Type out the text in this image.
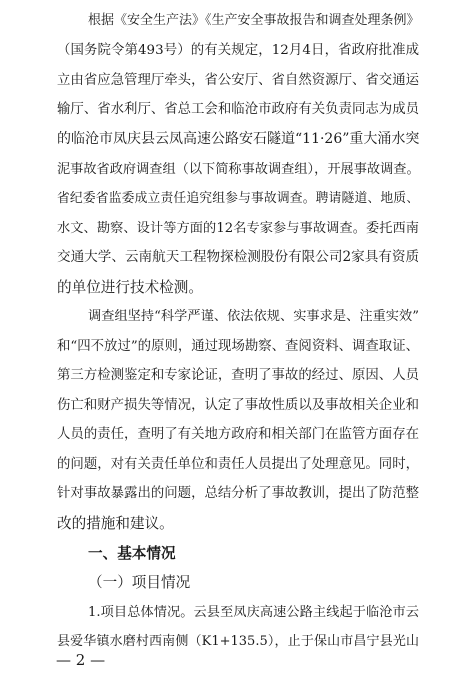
根据《安全生产法》《生产安全事故报告和调查处理条例》
（国务院令第493号）的有关规定，12月4日，省政府批准成
立由省应急管理厅牵头，省公安厅、省自然资源厅、省交通运
输厅、省水利厅、省总工会和临沧市政府有关负责同志为成员
的临沧市凤庆县云凤高速公路安石隧道“11·26”重大涌水突
泥事故省政府调查组（以下简称事故调查组），开展事故调查。
省纪委省监委成立责任追究组参与事故调查。聘请隧道、地质、
水文、勘察、设计等方面的12名专家参与事故调查。委托西南
交通大学、云南航天工程物探检测股份有限公司2家具有资质
的单位进行技术检测。
调查组坚持“科学严谨、依法依规、实事求是、注重实效”
和“四不放过”的原则，通过现场勘察、查阅资料、调查取证、
第三方检测鉴定和专家论证，查明了事故的经过、原因、人员
伤亡和财产损失等情况，认定了事故性质以及事故相关企业和
人员的责任，查明了有关地方政府和相关部门在监管方面存在
的问题，对有关责任单位和责任人员提出了处理意见。同时，
针对事故暴露出的问题，总结分析了事故教训，提出了防范整
改的措施和建议。
一、基本情况
（一）项目情况
1.项目总体情况。云县至凤庆高速公路主线起于临沧市云
县爱华镇水磨村西南侧（K1+135.5），止于保山市昌宁县光山
— 2 —
